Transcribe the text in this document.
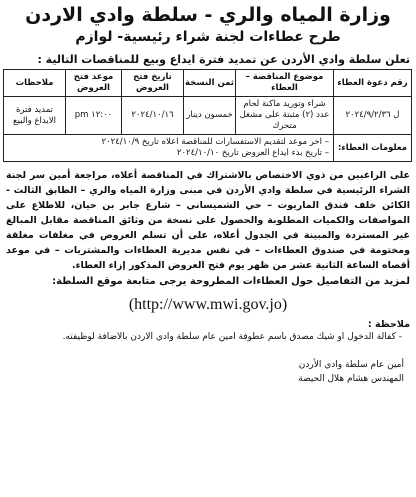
وزارة المياه والري - سلطة وادي الاردن
طرح عطاءات لجنة شراء رئيسية- لوازم
تعلن سلطة وادي الأردن عن تمديد فترة ايداع وبيع للمناقصات التالية :
رقم دعوة العطاء	موضوع المناقصة – العطاء	ثمن النسخة	تاريخ فتح العروض	موعد فتح العروض	ملاحظات
ل ٢٠٢٤/٩/٢/٣٦	شراء وتوريد ماكنة لحام عدد (٢) مثبتة على مشغل متحرك	خمسون دينار	٢٠٢٤/١٠/١٦	١٢:٠٠ pm	تمديد فترة الايداع والبيع
معلومات العطاء:	– اخر موعد لتقديم الاستفسارات للمناقصة اعلاه تاريخ ٢٠٢٤/١٠/٩
– تاريخ بدء ايداع العروض تاريخ ٢٠٢٤/١٠/١٠				
على الراغبين من ذوي الاختصاص بالاشتراك في المناقصة أعلاه، مراجعة أمين سر لجنة الشراء الرئيسية في سلطة وادي الأردن في مبنى وزارة المياه والري – الطابق الثالث - الكائن خلف فندق الماريوت – حي الشميساني – شارع جابر بن حيان، للاطلاع على المواصفات والكميات المطلوبة والحصول على نسخة من وثائق المناقصة مقابل المبالغ غير المستردة والمبينة في الجدول أعلاه، على أن تسلم العروض في مغلفات مغلقة ومختومة في صندوق العطاءات – في نفس مديرية العطاءات والمشتريات – في موعد أقصاه الساعة الثانية عشر من ظهر يوم فتح العروض المذكور إزاء العطاء.
لمزيد من التفاصيل حول العطاءات المطروحة يرجى متابعة موقع السلطة:
(http://www.mwi.gov.jo)
ملاحظة :
- كفالة الدخول او شيك مصدق باسم عطوفة امين عام سلطة وادي الاردن بالاضافة لوظيفته.
أمين عام سلطة وادي الأردن
المهندس هشام هلال الحيصة
